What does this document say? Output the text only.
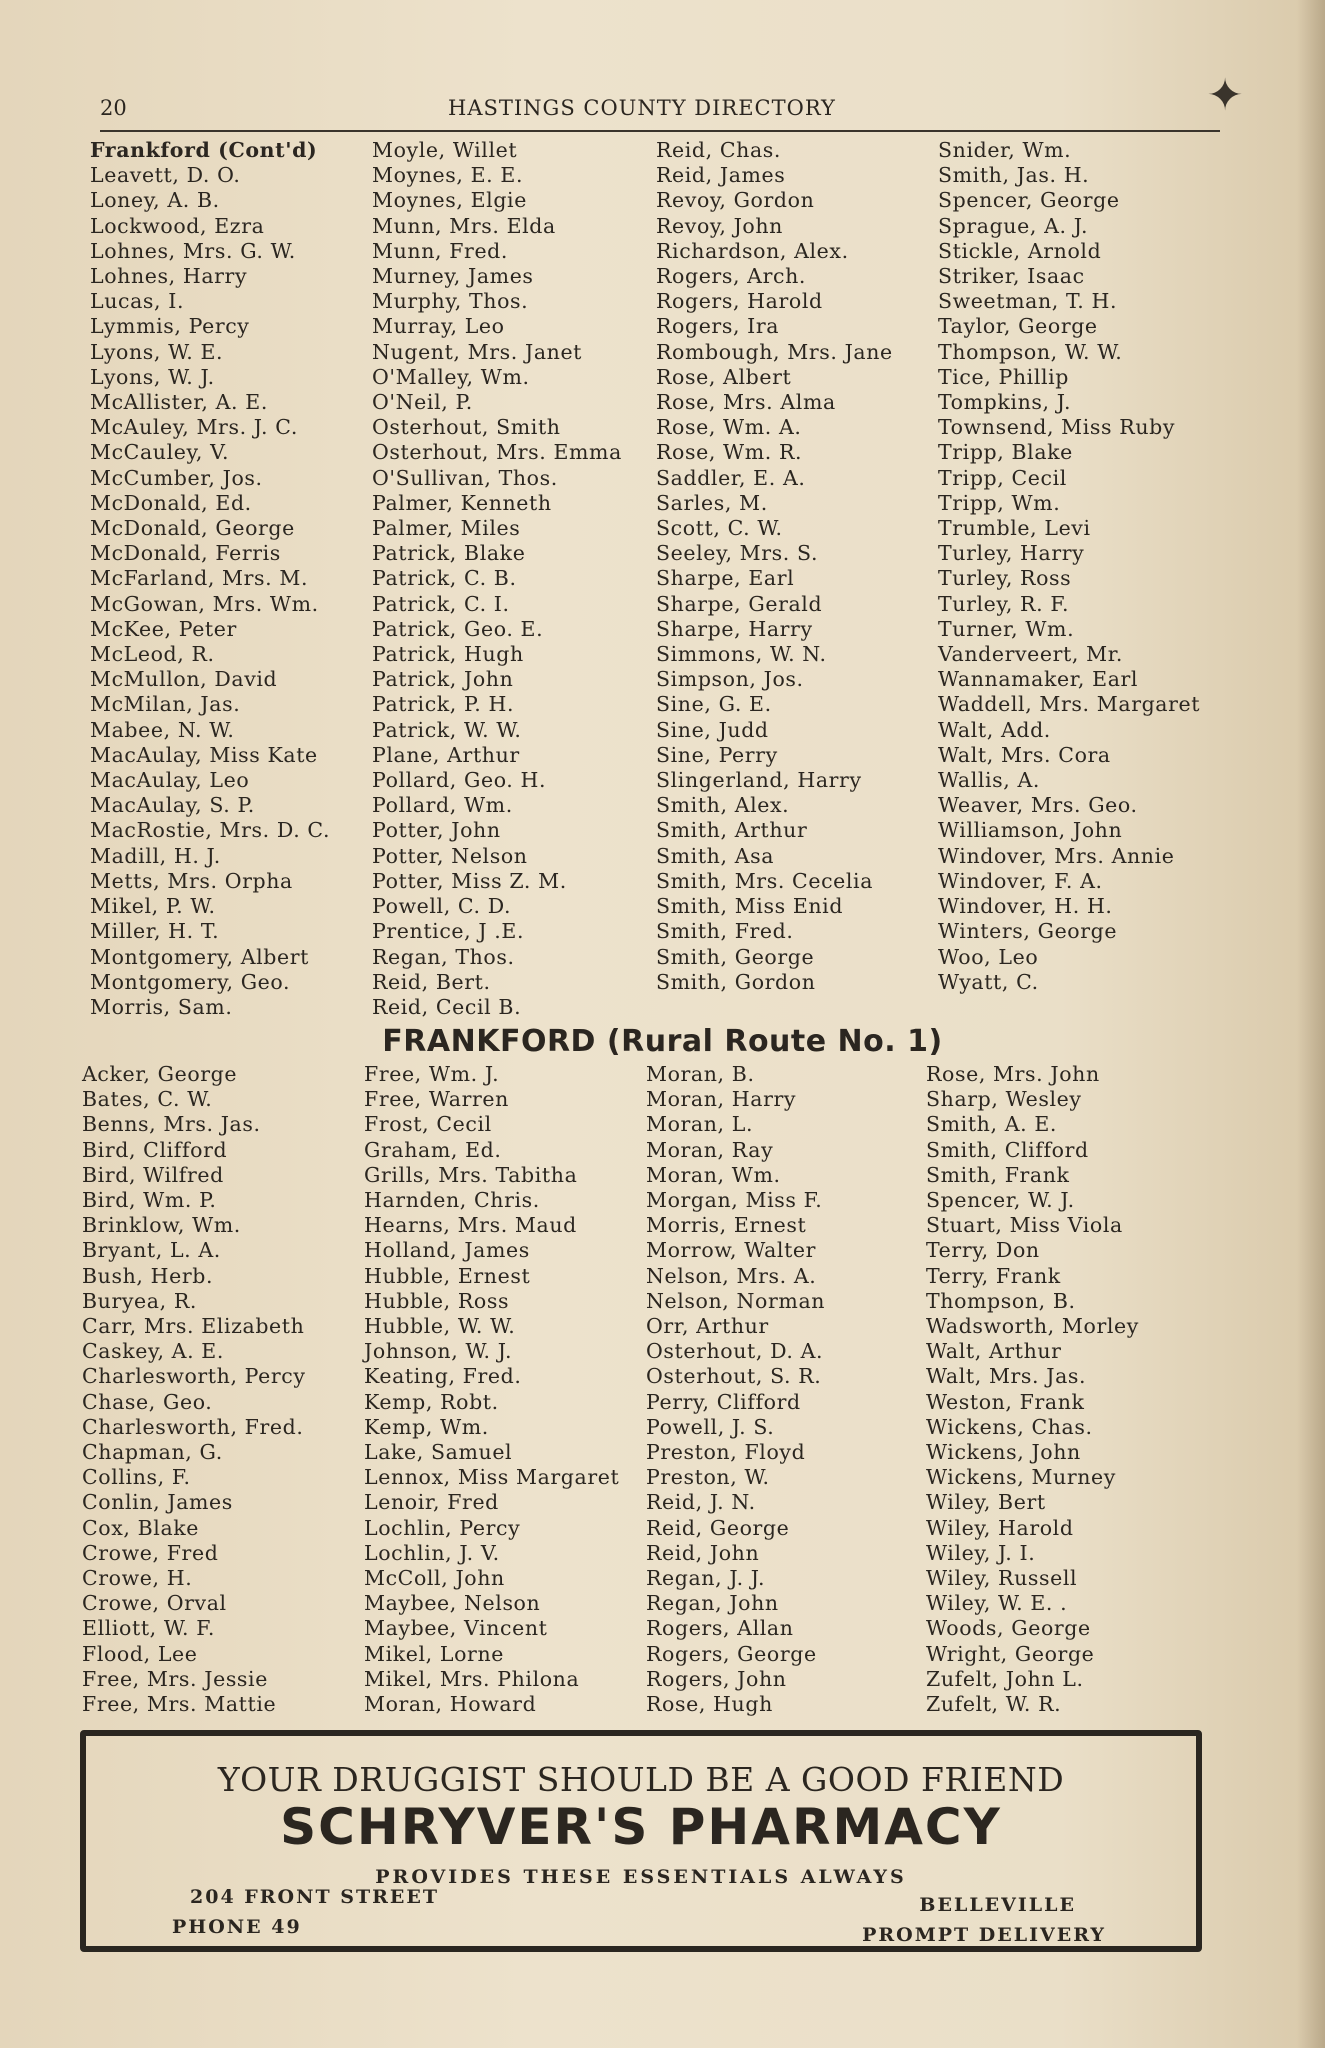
✦
20	HASTINGS COUNTY DIRECTORY
Frankford (Cont'd)
Leavett, D. O.
Loney, A. B.
Lockwood, Ezra
Lohnes, Mrs. G. W.
Lohnes, Harry
Lucas, I.
Lymmis, Percy
Lyons, W. E.
Lyons, W. J.
McAllister, A. E.
McAuley, Mrs. J. C.
McCauley, V.
McCumber, Jos.
McDonald, Ed.
McDonald, George
McDonald, Ferris
McFarland, Mrs. M.
McGowan, Mrs. Wm.
McKee, Peter
McLeod, R.
McMullon, David
McMilan, Jas.
Mabee, N. W.
MacAulay, Miss Kate
MacAulay, Leo
MacAulay, S. P.
MacRostie, Mrs. D. C.
Madill, H. J.
Metts, Mrs. Orpha
Mikel, P. W.
Miller, H. T.
Montgomery, Albert
Montgomery, Geo.
Morris, Sam.
Moyle, Willet
Moynes, E. E.
Moynes, Elgie
Munn, Mrs. Elda
Munn, Fred.
Murney, James
Murphy, Thos.
Murray, Leo
Nugent, Mrs. Janet
O'Malley, Wm.
O'Neil, P.
Osterhout, Smith
Osterhout, Mrs. Emma
O'Sullivan, Thos.
Palmer, Kenneth
Palmer, Miles
Patrick, Blake
Patrick, C. B.
Patrick, C. I.
Patrick, Geo. E.
Patrick, Hugh
Patrick, John
Patrick, P. H.
Patrick, W. W.
Plane, Arthur
Pollard, Geo. H.
Pollard, Wm.
Potter, John
Potter, Nelson
Potter, Miss Z. M.
Powell, C. D.
Prentice, J .E.
Regan, Thos.
Reid, Bert.
Reid, Cecil B.
Reid, Chas.
Reid, James
Revoy, Gordon
Revoy, John
Richardson, Alex.
Rogers, Arch.
Rogers, Harold
Rogers, Ira
Rombough, Mrs. Jane
Rose, Albert
Rose, Mrs. Alma
Rose, Wm. A.
Rose, Wm. R.
Saddler, E. A.
Sarles, M.
Scott, C. W.
Seeley, Mrs. S.
Sharpe, Earl
Sharpe, Gerald
Sharpe, Harry
Simmons, W. N.
Simpson, Jos.
Sine, G. E.
Sine, Judd
Sine, Perry
Slingerland, Harry
Smith, Alex.
Smith, Arthur
Smith, Asa
Smith, Mrs. Cecelia
Smith, Miss Enid
Smith, Fred.
Smith, George
Smith, Gordon
Snider, Wm.
Smith, Jas. H.
Spencer, George
Sprague, A. J.
Stickle, Arnold
Striker, Isaac
Sweetman, T. H.
Taylor, George
Thompson, W. W.
Tice, Phillip
Tompkins, J.
Townsend, Miss Ruby
Tripp, Blake
Tripp, Cecil
Tripp, Wm.
Trumble, Levi
Turley, Harry
Turley, Ross
Turley, R. F.
Turner, Wm.
Vanderveert, Mr.
Wannamaker, Earl
Waddell, Mrs. Margaret
Walt, Add.
Walt, Mrs. Cora
Wallis, A.
Weaver, Mrs. Geo.
Williamson, John
Windover, Mrs. Annie
Windover, F. A.
Windover, H. H.
Winters, George
Woo, Leo
Wyatt, C.
FRANKFORD (Rural Route No. 1)
Acker, George
Bates, C. W.
Benns, Mrs. Jas.
Bird, Clifford
Bird, Wilfred
Bird, Wm. P.
Brinklow, Wm.
Bryant, L. A.
Bush, Herb.
Buryea, R.
Carr, Mrs. Elizabeth
Caskey, A. E.
Charlesworth, Percy
Chase, Geo.
Charlesworth, Fred.
Chapman, G.
Collins, F.
Conlin, James
Cox, Blake
Crowe, Fred
Crowe, H.
Crowe, Orval
Elliott, W. F.
Flood, Lee
Free, Mrs. Jessie
Free, Mrs. Mattie
Free, Wm. J.
Free, Warren
Frost, Cecil
Graham, Ed.
Grills, Mrs. Tabitha
Harnden, Chris.
Hearns, Mrs. Maud
Holland, James
Hubble, Ernest
Hubble, Ross
Hubble, W. W.
Johnson, W. J.
Keating, Fred.
Kemp, Robt.
Kemp, Wm.
Lake, Samuel
Lennox, Miss Margaret
Lenoir, Fred
Lochlin, Percy
Lochlin, J. V.
McColl, John
Maybee, Nelson
Maybee, Vincent
Mikel, Lorne
Mikel, Mrs. Philona
Moran, Howard
Moran, B.
Moran, Harry
Moran, L.
Moran, Ray
Moran, Wm.
Morgan, Miss F.
Morris, Ernest
Morrow, Walter
Nelson, Mrs. A.
Nelson, Norman
Orr, Arthur
Osterhout, D. A.
Osterhout, S. R.
Perry, Clifford
Powell, J. S.
Preston, Floyd
Preston, W.
Reid, J. N.
Reid, George
Reid, John
Regan, J. J.
Regan, John
Rogers, Allan
Rogers, George
Rogers, John
Rose, Hugh
Rose, Mrs. John
Sharp, Wesley
Smith, A. E.
Smith, Clifford
Smith, Frank
Spencer, W. J.
Stuart, Miss Viola
Terry, Don
Terry, Frank
Thompson, B.
Wadsworth, Morley
Walt, Arthur
Walt, Mrs. Jas.
Weston, Frank
Wickens, Chas.
Wickens, John
Wickens, Murney
Wiley, Bert
Wiley, Harold
Wiley, J. I.
Wiley, Russell
Wiley, W. E. .
Woods, George
Wright, George
Zufelt, John L.
Zufelt, W. R.
YOUR DRUGGIST SHOULD BE A GOOD FRIEND
SCHRYVER'S PHARMACY
PROVIDES THESE ESSENTIALS ALWAYS
204 FRONT STREET
PHONE 49
BELLEVILLE
PROMPT DELIVERY
